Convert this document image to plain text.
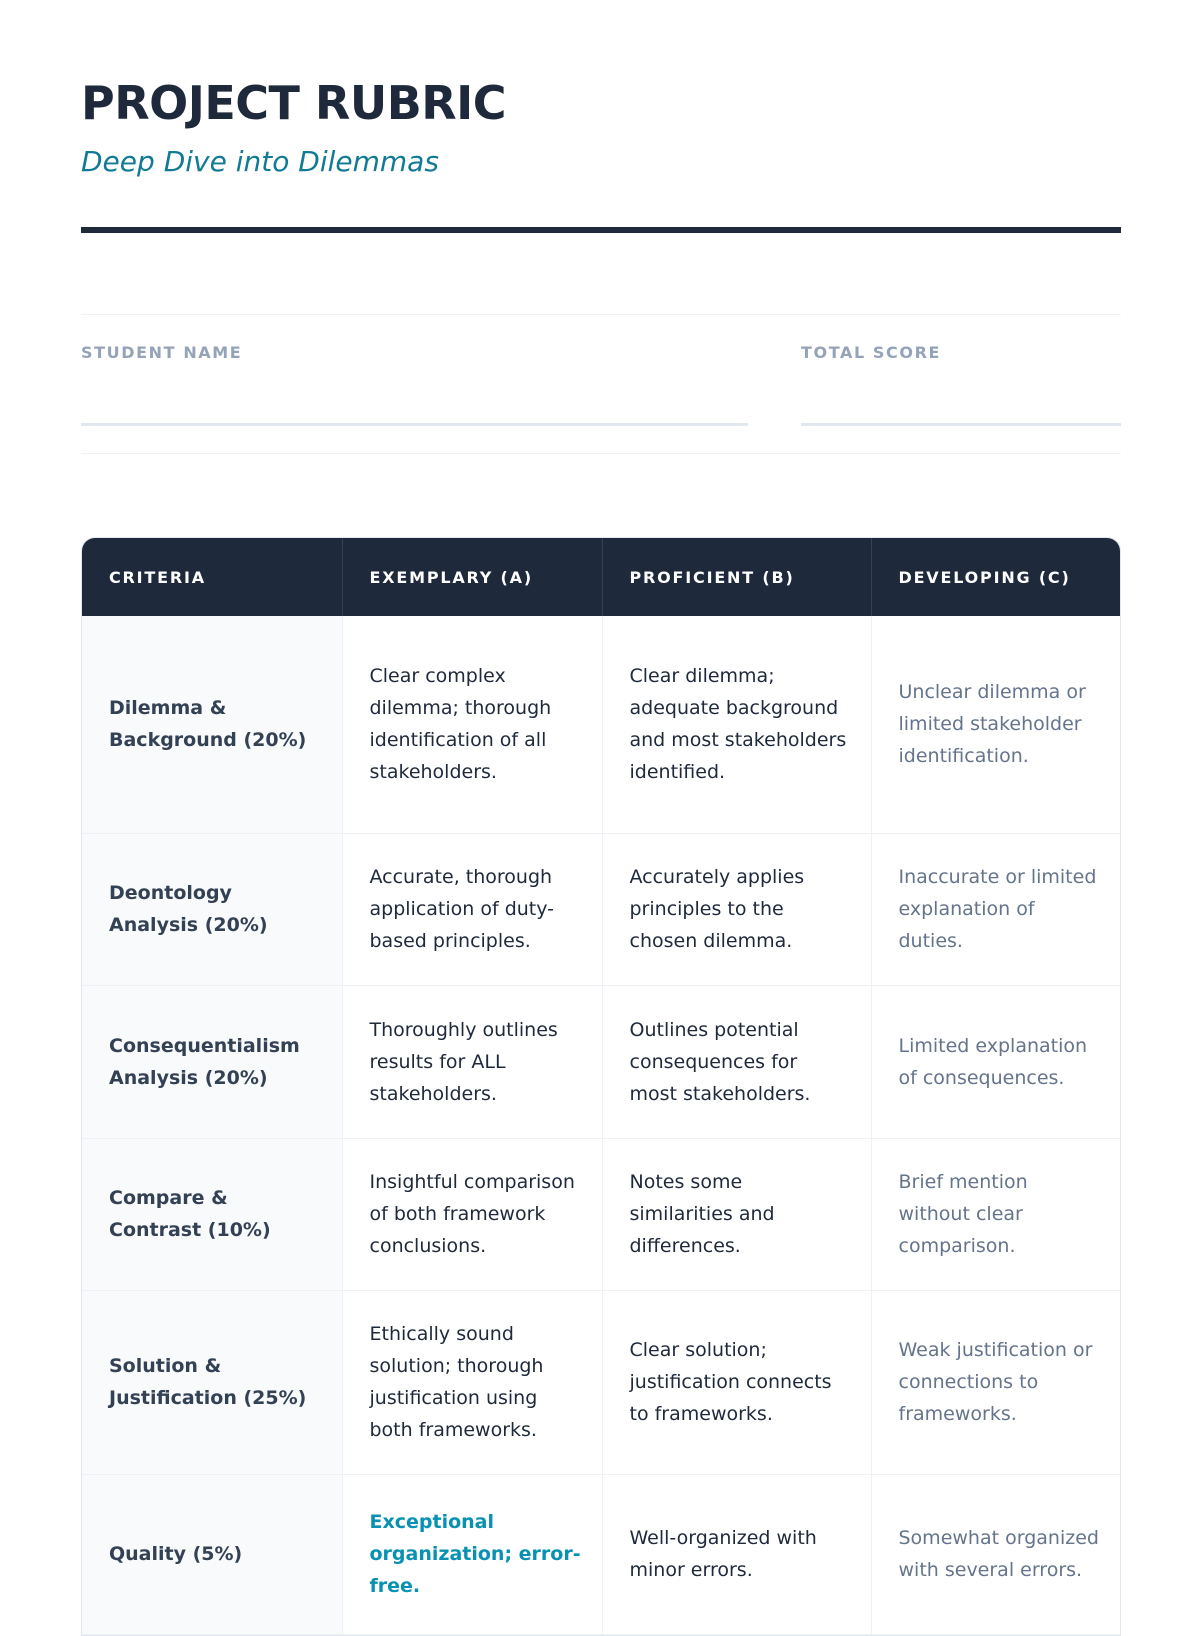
PROJECT RUBRIC

Deep Dive into Dilemmas

STUDENT NAME	TOTAL SCORE
CRITERIA	EXEMPLARY (A)	PROFICIENT (B)	DEVELOPING (C)
Dilemma & Background (20%)	Clear complex dilemma; thorough identification of all stakeholders.	Clear dilemma; adequate background and most stakeholders identified.	Unclear dilemma or limited stakeholder identification.
Deontology Analysis (20%)	Accurate, thorough application of duty-based principles.	Accurately applies principles to the chosen dilemma.	Inaccurate or limited explanation of duties.
Consequentialism Analysis (20%)	Thoroughly outlines results for ALL stakeholders.	Outlines potential consequences for most stakeholders.	Limited explanation of consequences.
Compare & Contrast (10%)	Insightful comparison of both framework conclusions.	Notes some similarities and differences.	Brief mention without clear comparison.
Solution & Justification (25%)	Ethically sound solution; thorough justification using both frameworks.	Clear solution; justification connects to frameworks.	Weak justification or connections to frameworks.
Quality (5%)	Exceptional organization; error-free.	Well-organized with minor errors.	Somewhat organized with several errors.
